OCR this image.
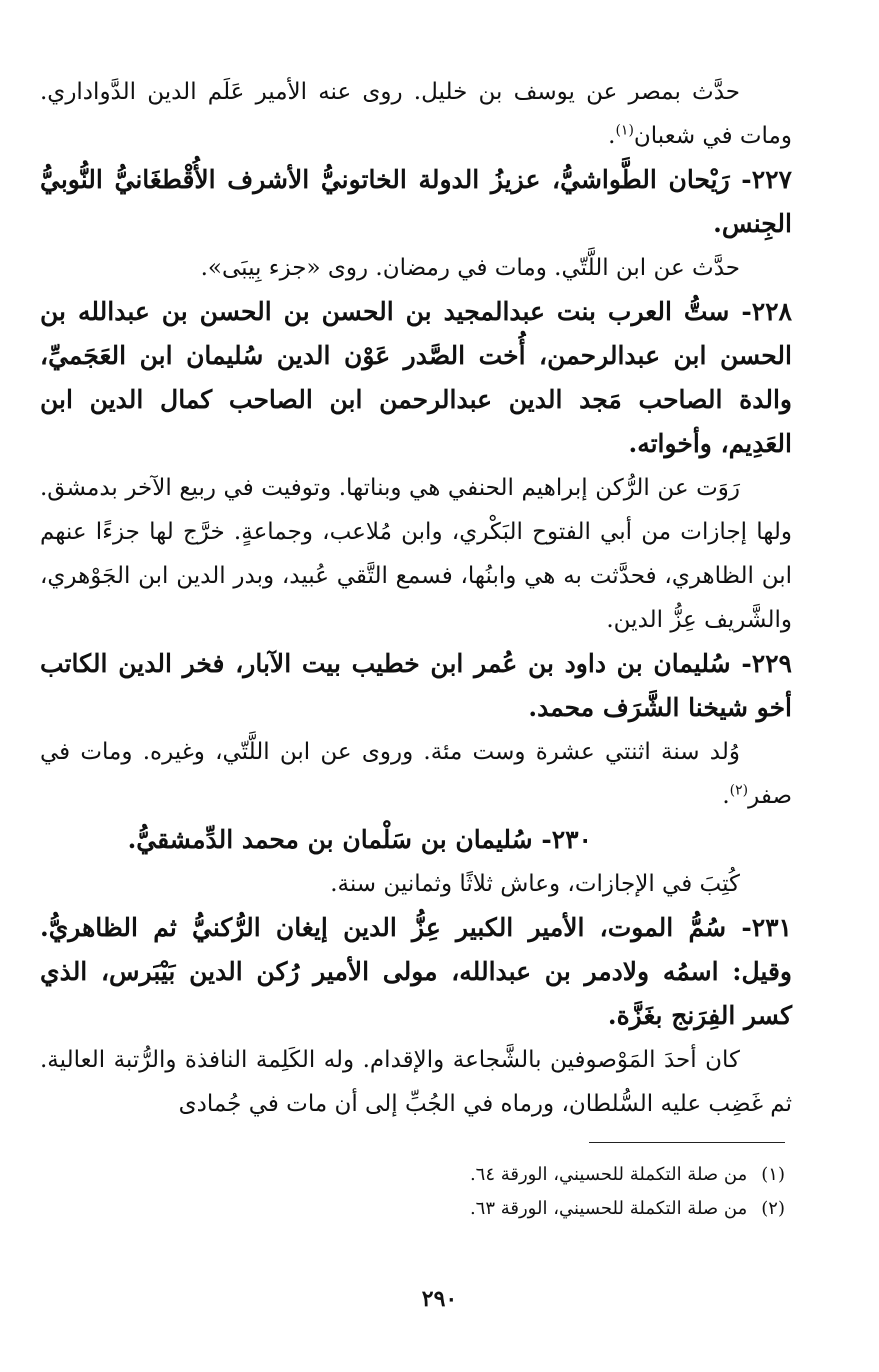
حدَّث بمصر عن يوسف بن خليل. روى عنه الأمير عَلَم الدين الدَّواداري. ومات في شعبان$^{(١)}$.

٢٢٧- رَيْحان الطَّواشيُّ، عزيزُ الدولة الخاتونيُّ الأشرف الأُقْطغَانيُّ النُّوبيُّ الجِنس.

حدَّث عن ابن اللَّتّي. ومات في رمضان. روى «جزء بِيبَى».

٢٢٨- ستُّ العرب بنت عبدالمجيد بن الحسن بن الحسن بن عبدالله بن الحسن ابن عبدالرحمن، أُخت الصَّدر عَوْن الدين سُليمان ابن العَجَميِّ، والدة الصاحب مَجد الدين عبدالرحمن ابن الصاحب كمال الدين ابن العَدِيم، وأخواته.

رَوَت عن الرُّكن إبراهيم الحنفي هي وبناتها. وتوفيت في ربيع الآخر بدمشق. ولها إجازات من أبي الفتوح البَكْري، وابن مُلاعب، وجماعةٍ. خرَّج لها جزءًا عنهم ابن الظاهري، فحدَّثت به هي وابنُها، فسمع التَّقي عُبيد، وبدر الدين ابن الجَوْهري، والشَّريف عِزُّ الدين.

٢٢٩- سُليمان بن داود بن عُمر ابن خطيب بيت الآبار، فخر الدين الكاتب أخو شيخنا الشَّرَف محمد.

وُلد سنة اثنتي عشرة وست مئة. وروى عن ابن اللَّتّي، وغيره. ومات في صفر$^{(٢)}$.

٢٣٠- سُليمان بن سَلْمان بن محمد الدِّمشقيُّ.

كُتِبَ في الإجازات، وعاش ثلاثًا وثمانين سنة.

٢٣١- سُمُّ الموت، الأمير الكبير عِزُّ الدين إيغان الرُّكنيُّ ثم الظاهريُّ. وقيل: اسمُه ولادمر بن عبدالله، مولى الأمير رُكن الدين بَيْبَرس، الذي كسر الفِرَنج بغَزَّة.

كان أحدَ المَوْصوفين بالشَّجاعة والإقدام. وله الكَلِمة النافذة والرُّتبة العالية. ثم غَضِب عليه السُّلطان، ورماه في الجُبِّ إلى أن مات في جُمادى

(١)من صلة التكملة للحسيني، الورقة ٦٤.
(٢)من صلة التكملة للحسيني، الورقة ٦٣.
٢٩٠
